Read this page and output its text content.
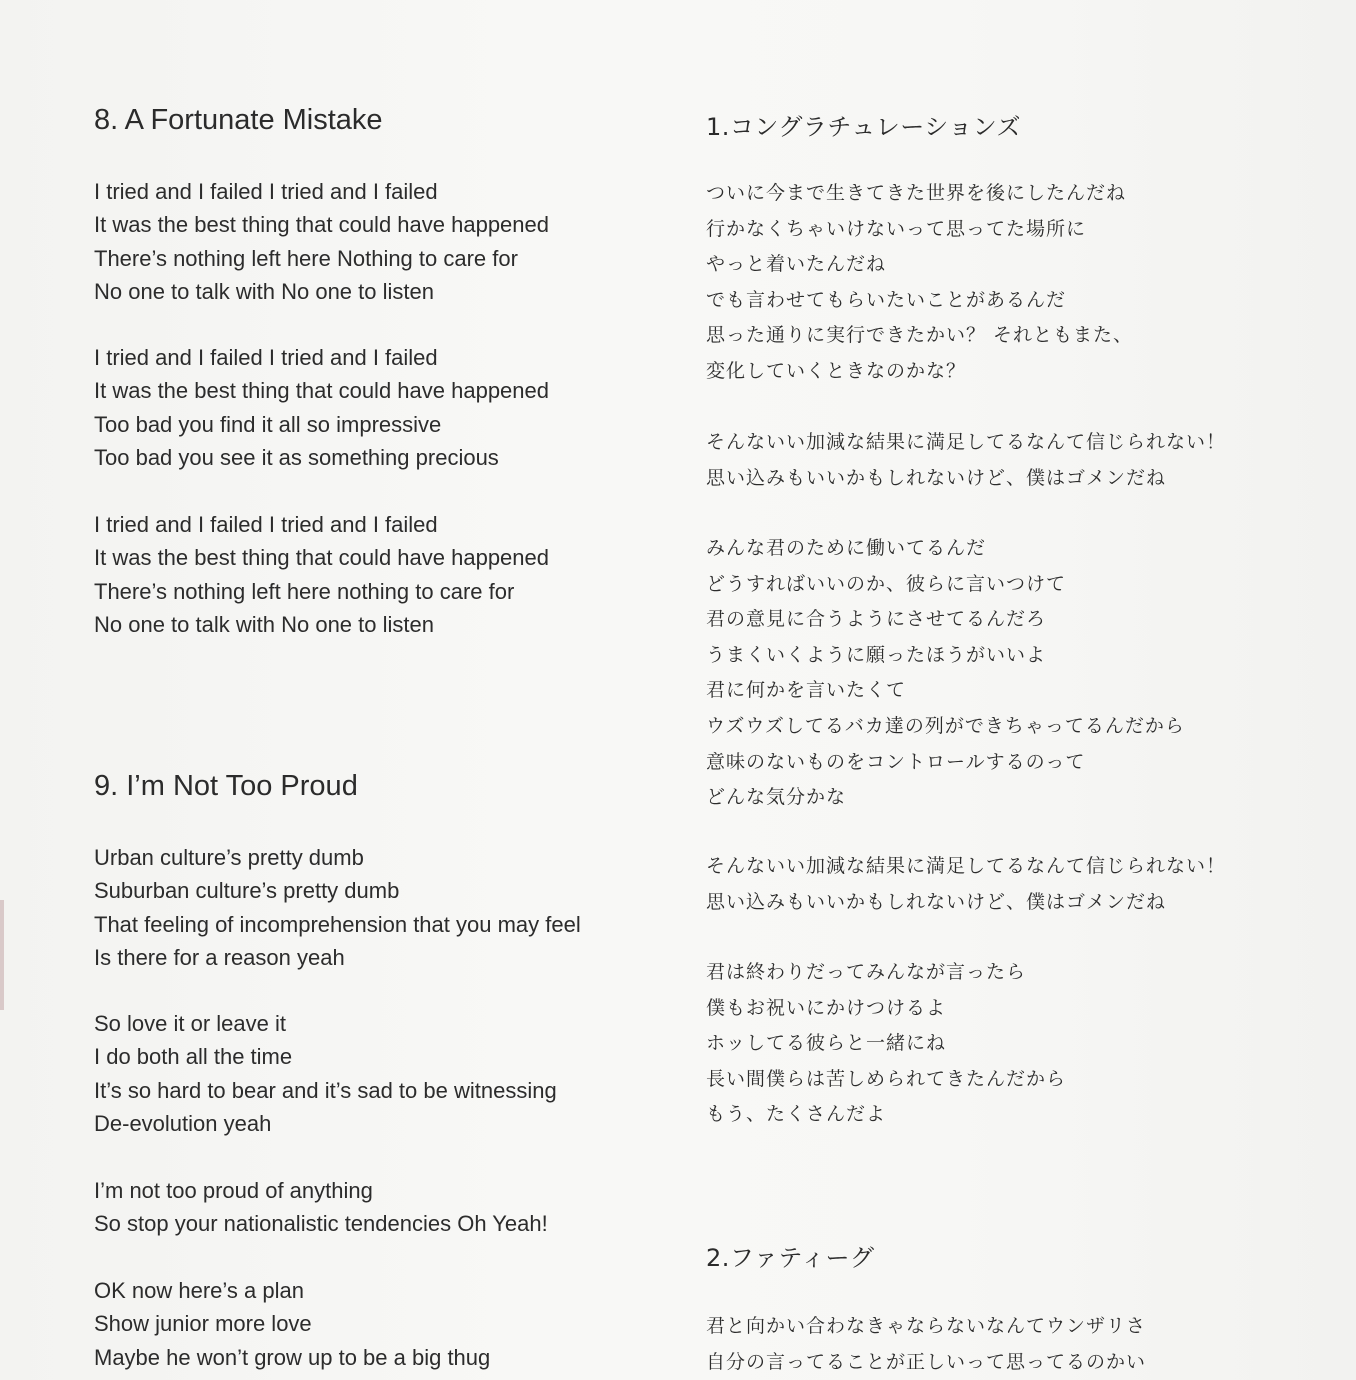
8. A Fortunate Mistake
I tried and I failed I tried and I failed
It was the best thing that could have happened
There’s nothing left here Nothing to care for
No one to talk with No one to listen
I tried and I failed I tried and I failed
It was the best thing that could have happened
Too bad you find it all so impressive
Too bad you see it as something precious
I tried and I failed I tried and I failed
It was the best thing that could have happened
There’s nothing left here nothing to care for
No one to talk with No one to listen
9. I’m Not Too Proud
Urban culture’s pretty dumb
Suburban culture’s pretty dumb
That feeling of incomprehension that you may feel
Is there for a reason yeah
So love it or leave it
I do both all the time
It’s so hard to bear and it’s sad to be witnessing
De-evolution yeah
I’m not too proud of anything
So stop your nationalistic tendencies Oh Yeah!
OK now here’s a plan
Show junior more love
Maybe he won’t grow up to be a big thug
1.コングラチュレーションズ
ついに今まで生きてきた世界を後にしたんだね
行かなくちゃいけないって思ってた場所に
やっと着いたんだね
でも言わせてもらいたいことがあるんだ
思った通りに実行できたかい？ それともまた、
変化していくときなのかな？
そんないい加減な結果に満足してるなんて信じられない！
思い込みもいいかもしれないけど、僕はゴメンだね
みんな君のために働いてるんだ
どうすればいいのか、彼らに言いつけて
君の意見に合うようにさせてるんだろ
うまくいくように願ったほうがいいよ
君に何かを言いたくて
ウズウズしてるバカ達の列ができちゃってるんだから
意味のないものをコントロールするのって
どんな気分かな
そんないい加減な結果に満足してるなんて信じられない！
思い込みもいいかもしれないけど、僕はゴメンだね
君は終わりだってみんなが言ったら
僕もお祝いにかけつけるよ
ホッしてる彼らと一緒にね
長い間僕らは苦しめられてきたんだから
もう、たくさんだよ
2.ファティーグ
君と向かい合わなきゃならないなんてウンザリさ
自分の言ってることが正しいって思ってるのかい
